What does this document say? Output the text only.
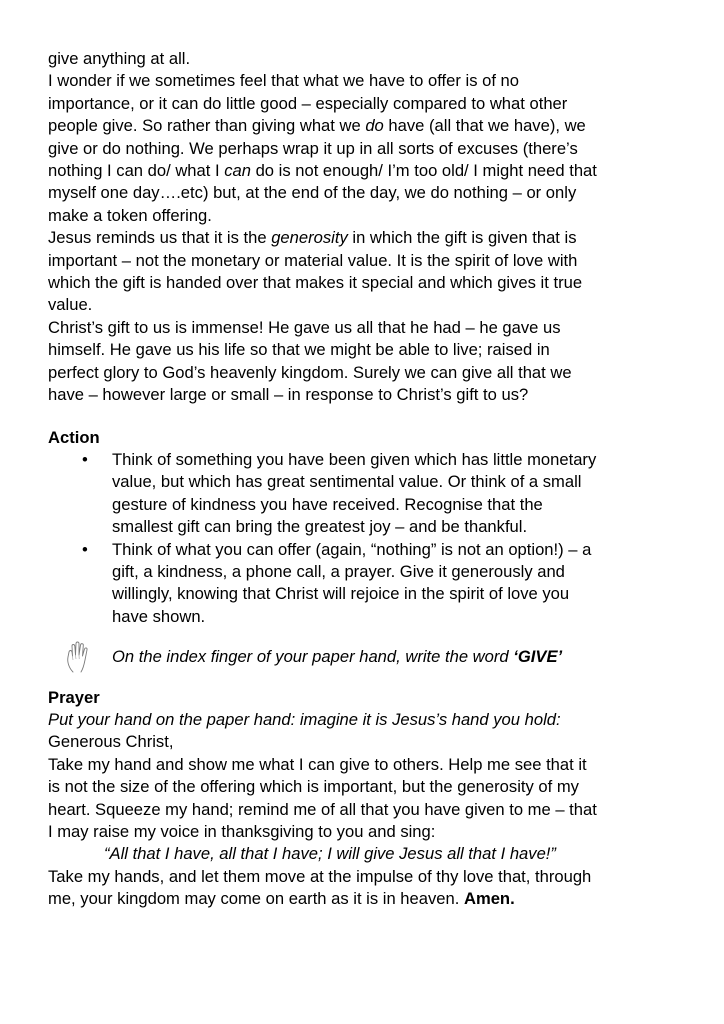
give anything at all.
I wonder if we sometimes feel that what we have to offer is of no
importance, or it can do little good – especially compared to what other
people give. So rather than giving what we do have (all that we have), we
give or do nothing. We perhaps wrap it up in all sorts of excuses (there’s
nothing I can do/ what I can do is not enough/ I’m too old/ I might need that
myself one day….etc) but, at the end of the day, we do nothing – or only
make a token offering.
Jesus reminds us that it is the generosity in which the gift is given that is
important – not the monetary or material value. It is the spirit of love with
which the gift is handed over that makes it special and which gives it true
value.
Christ’s gift to us is immense! He gave us all that he had – he gave us
himself. He gave us his life so that we might be able to live; raised in
perfect glory to God’s heavenly kingdom. Surely we can give all that we
have – however large or small – in response to Christ’s gift to us?
Action
• Think of something you have been given which has little monetary
value, but which has great sentimental value. Or think of a small
gesture of kindness you have received. Recognise that the
smallest gift can bring the greatest joy – and be thankful.
• Think of what you can offer (again, “nothing” is not an option!) – a
gift, a kindness, a phone call, a prayer. Give it generously and
willingly, knowing that Christ will rejoice in the spirit of love you
have shown.
On the index finger of your paper hand, write the word ‘GIVE’
Prayer
Put your hand on the paper hand: imagine it is Jesus’s hand you hold:
Generous Christ,
Take my hand and show me what I can give to others. Help me see that it
is not the size of the offering which is important, but the generosity of my
heart. Squeeze my hand; remind me of all that you have given to me – that
I may raise my voice in thanksgiving to you and sing:
“All that I have, all that I have; I will give Jesus all that I have!”
Take my hands, and let them move at the impulse of thy love that, through
me, your kingdom may come on earth as it is in heaven. Amen.
